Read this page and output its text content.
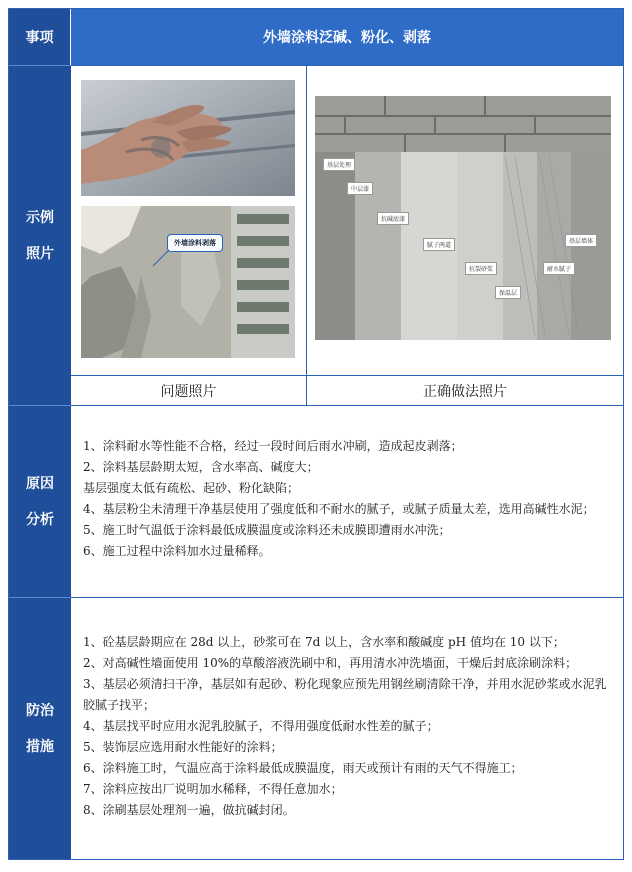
事项	外墙涂料泛碱、粉化、剥落
示例
照片
外墙涂料剥落
基层处理
中层漆
抗碱底漆
腻子两道
抗裂砂浆
保温层
耐水腻子
基层墙体
问题照片	正确做法照片
原因
分析

1、涂料耐水等性能不合格，经过一段时间后雨水冲刷，造成起皮剥落；

2、涂料基层龄期太短，含水率高、碱度大；

基层强度太低有疏松、起砂、粉化缺陷；

4、基层粉尘未清理干净基层使用了强度低和不耐水的腻子，或腻子质量太差，选用高碱性水泥；

5、施工时气温低于涂料最低成膜温度或涂料还未成膜即遭雨水冲洗；

6、施工过程中涂料加水过量稀释。

防治
措施

1、砼基层龄期应在 28d 以上，砂浆可在 7d 以上，含水率和酸碱度 pH 值均在 10 以下；

2、对高碱性墙面使用 10%的草酸溶液洗刷中和，再用清水冲洗墙面，干燥后封底涂刷涂料；

3、基层必须清扫干净，基层如有起砂、粉化现象应预先用钢丝刷清除干净，并用水泥砂浆或水泥乳胶腻子找平；

4、基层找平时应用水泥乳胶腻子，不得用强度低耐水性差的腻子；

5、装饰层应选用耐水性能好的涂料；

6、涂料施工时，气温应高于涂料最低成膜温度，雨天或预计有雨的天气不得施工；

7、涂料应按出厂说明加水稀释，不得任意加水；

8、涂刷基层处理剂一遍，做抗碱封闭。
